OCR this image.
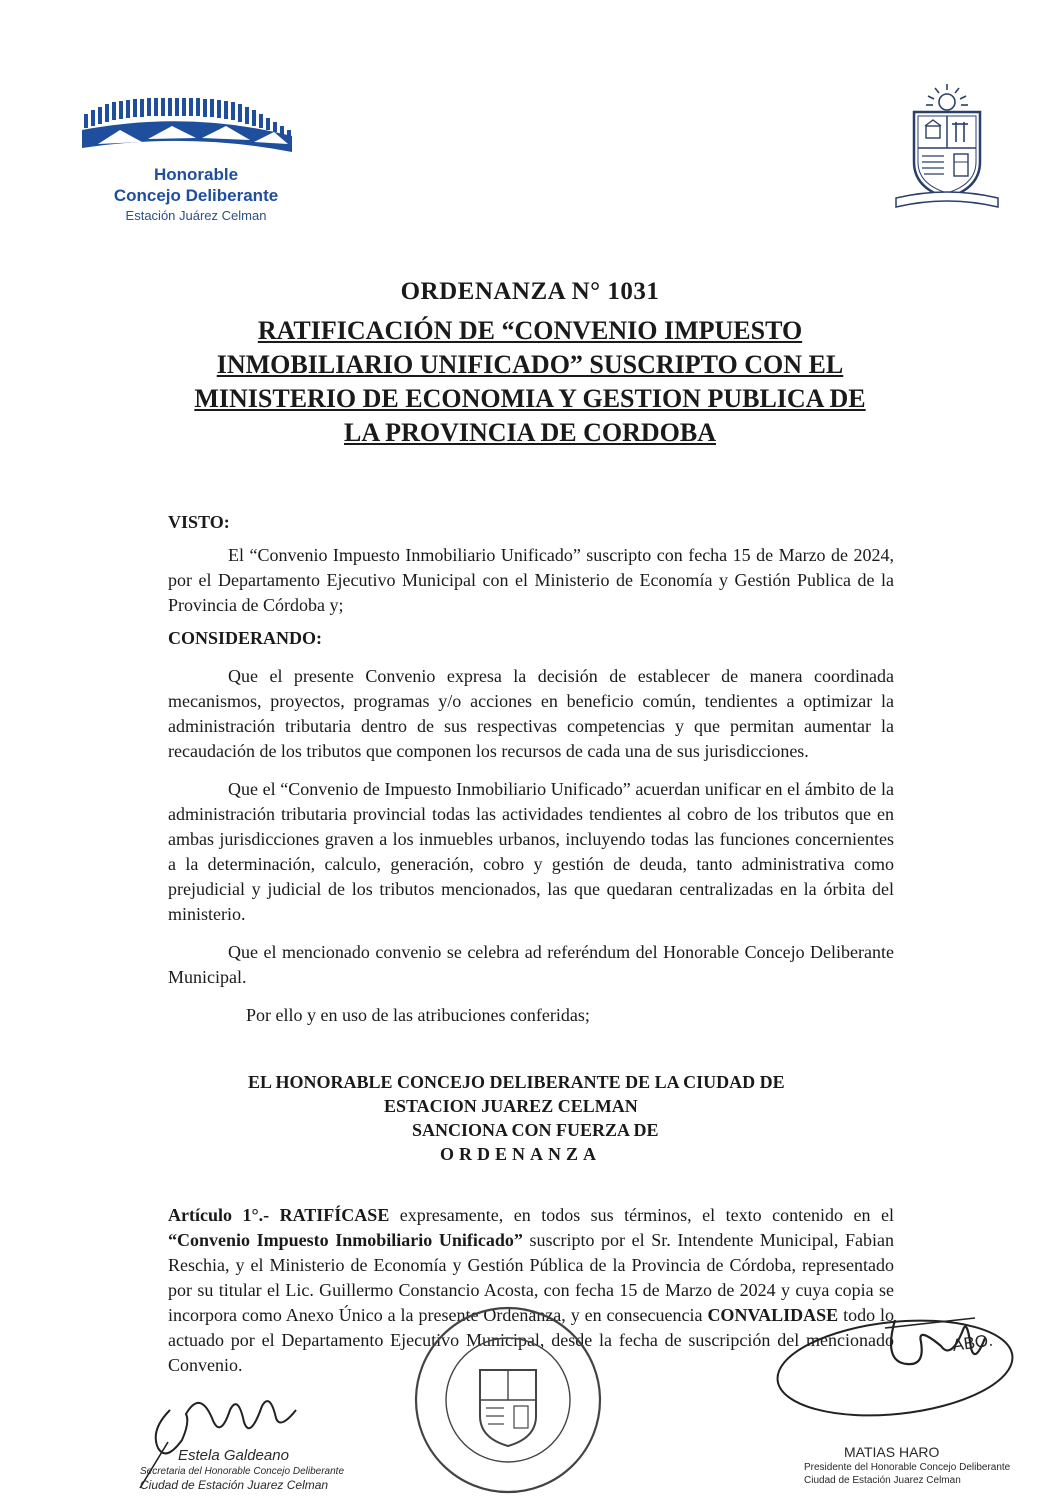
Honorable
Concejo Deliberante
Estación Juárez Celman

ORDENANZA N° 1031

RATIFICACIÓN DE “CONVENIO IMPUESTO
INMOBILIARIO UNIFICADO” SUSCRIPTO CON EL
MINISTERIO DE ECONOMIA Y GESTION PUBLICA DE
LA PROVINCIA DE CORDOBA

VISTO:

El “Convenio Impuesto Inmobiliario Unificado” suscripto con fecha 15 de Marzo de 2024, por el Departamento Ejecutivo Municipal con el Ministerio de Economía y Gestión Publica de la Provincia de Córdoba y;

CONSIDERANDO:

Que el presente Convenio expresa la decisión de establecer de manera coordinada mecanismos, proyectos, programas y/o acciones en beneficio común, tendientes a optimizar la administración tributaria dentro de sus respectivas competencias y que permitan aumentar la recaudación de los tributos que componen los recursos de cada una de sus jurisdicciones.

Que el “Convenio de Impuesto Inmobiliario Unificado” acuerdan unificar en el ámbito de la administración tributaria provincial todas las actividades tendientes al cobro de los tributos que en ambas jurisdicciones graven a los inmuebles urbanos, incluyendo todas las funciones concernientes a la determinación, calculo, generación, cobro y gestión de deuda, tanto administrativa como prejudicial y judicial de los tributos mencionados, las que quedaran centralizadas en la órbita del ministerio.

Que el mencionado convenio se celebra ad referéndum del Honorable Concejo Deliberante Municipal.

Por ello y en uso de las atribuciones conferidas;

EL HONORABLE CONCEJO DELIBERANTE DE LA CIUDAD DE
ESTACION JUAREZ CELMAN
SANCIONA CON FUERZA DE
ORDENANZA

Artículo 1°.- RATIFÍCASE expresamente, en todos sus términos, el texto contenido en el “Convenio Impuesto Inmobiliario Unificado” suscripto por el Sr. Intendente Municipal, Fabian Reschia, y el Ministerio de Economía y Gestión Pública de la Provincia de Córdoba, representado por su titular el Lic. Guillermo Constancio Acosta, con fecha 15 de Marzo de 2024 y cuya copia se incorpora como Anexo Único a la presente Ordenanza, y en consecuencia CONVALIDASE todo lo actuado por el Departamento Ejecutivo Municipal, desde la fecha de suscripción del mencionado Convenio.

Estela Galdeano
Secretaria del Honorable Concejo Deliberante
Ciudad de Estación Juarez Celman
ABO.
MATIAS HARO
Presidente del Honorable Concejo Deliberante
Ciudad de Estación Juarez Celman
